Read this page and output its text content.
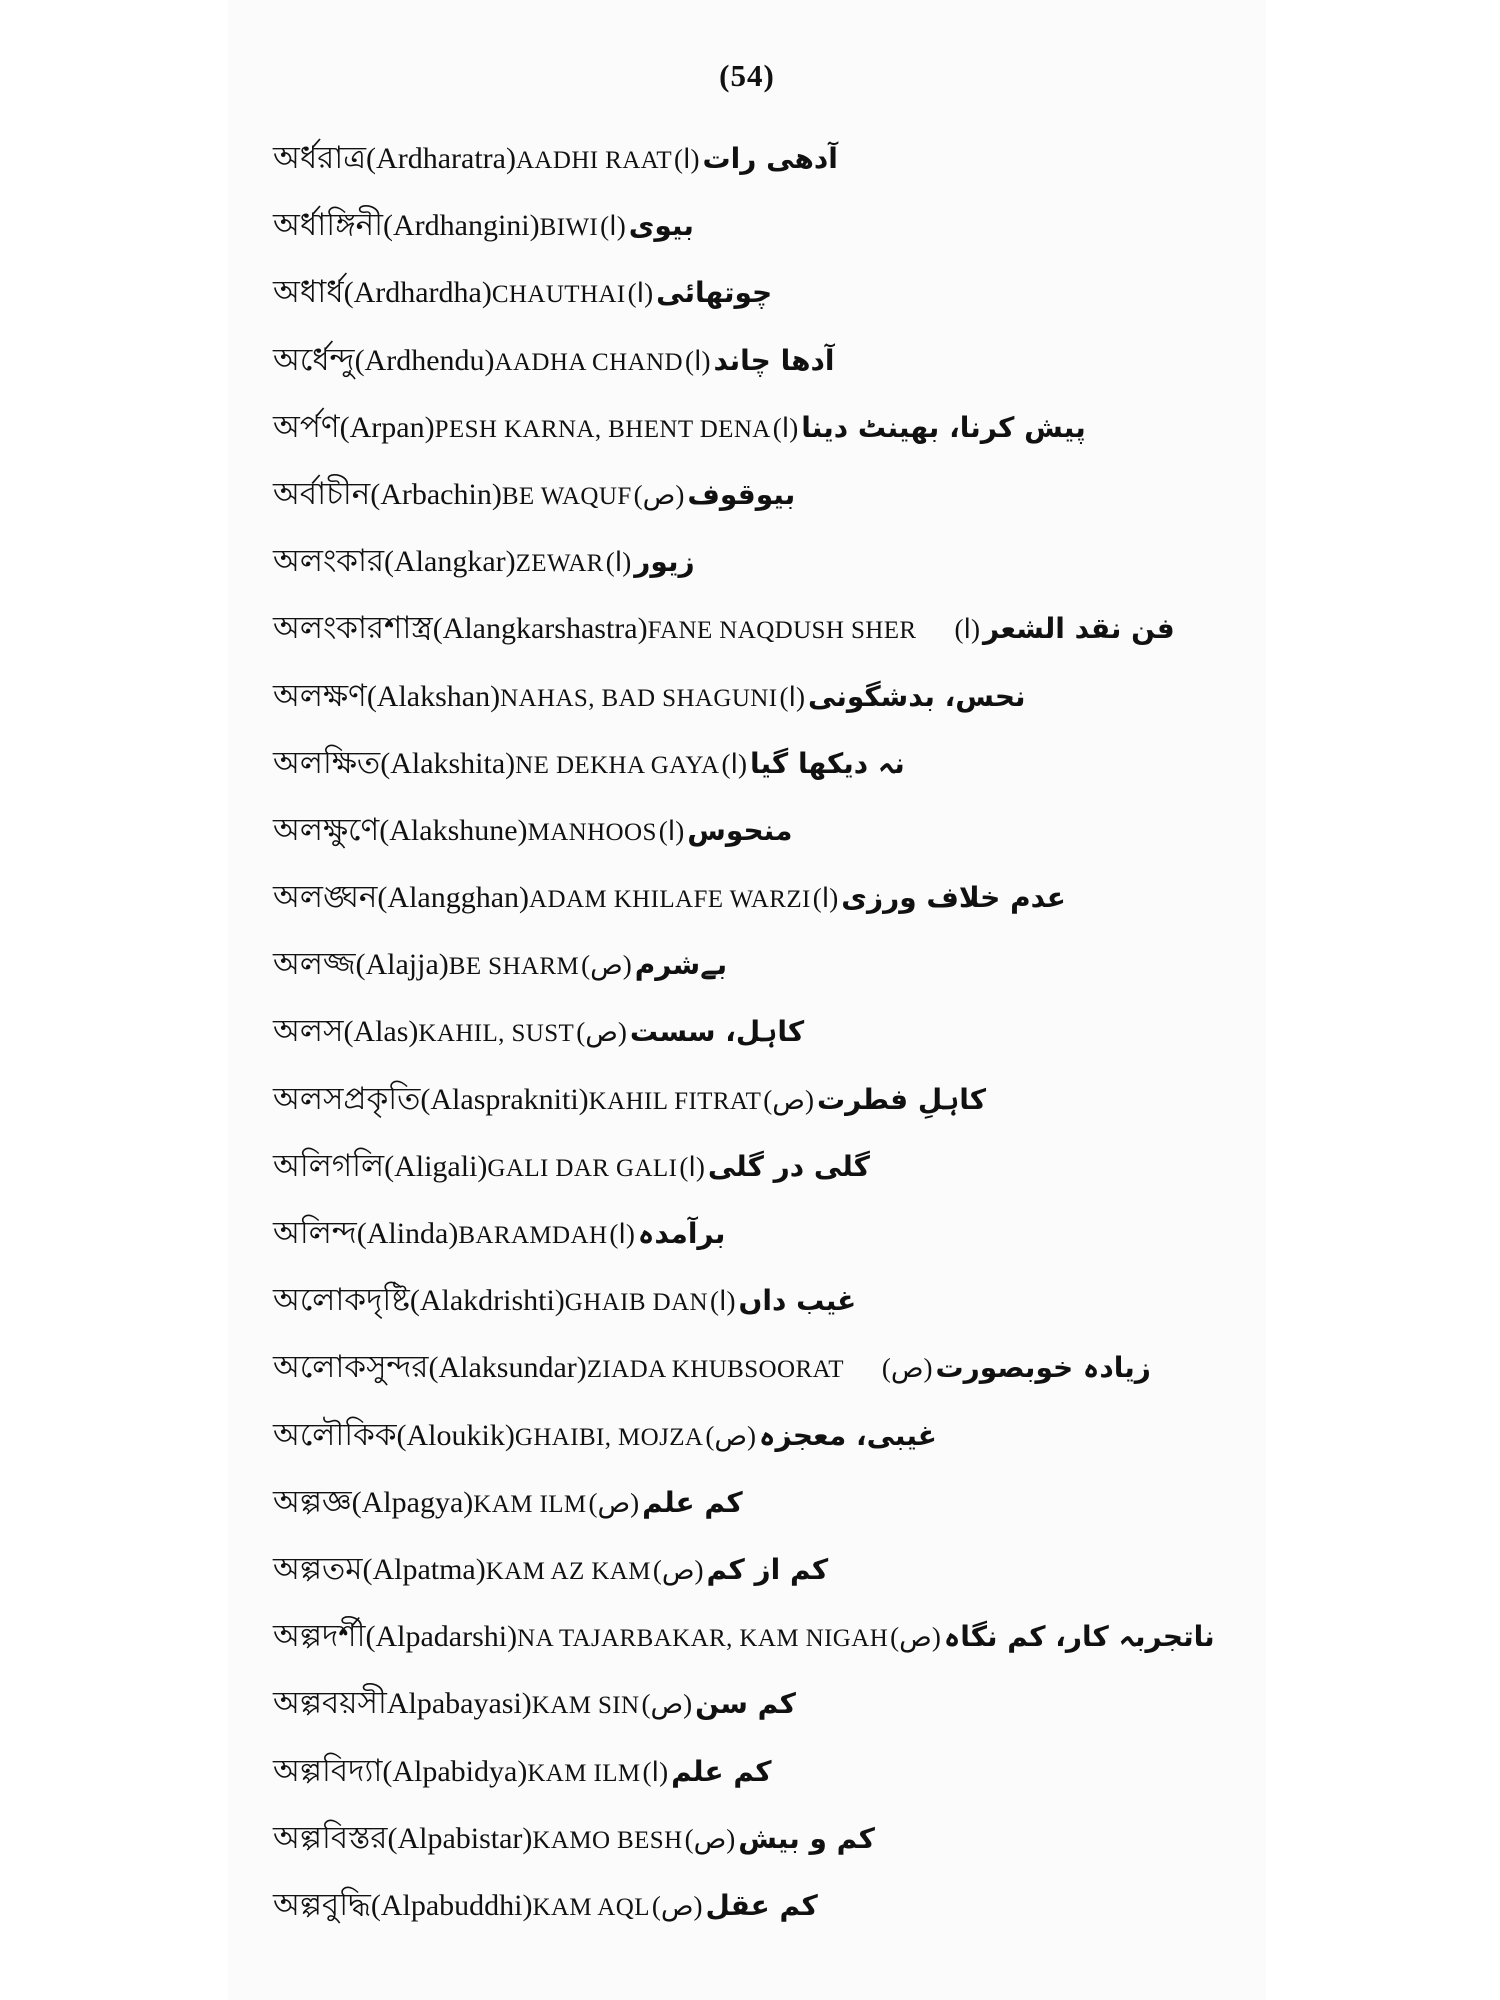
(54)
অর্ধরাত্র (Ardharatra) AADHI RAAT (ا) آدھی رات
অর্ধাঙ্গিনী (Ardhangini) BIWI (ا) بیوی
অধার্ধ (Ardhardha) CHAUTHAI (ا) چوتھائی
অর্ধেন্দু (Ardhendu) AADHA CHAND (ا) آدھا چاند
অর্পণ (Arpan) PESH KARNA, BHENT DENA (ا) پیش کرنا، بھینٹ دینا
অর্বাচীন (Arbachin) BE WAQUF (ص) بیوقوف
অলংকার (Alangkar) ZEWAR (ا) زیور
অলংকারশাস্ত্র (Alangkarshastra) FANE NAQDUSH SHER (ا) فن نقد الشعر
অলক্ষণ (Alakshan) NAHAS, BAD SHAGUNI (ا) نحس، بدشگونی
অলক্ষিত (Alakshita) NE DEKHA GAYA (ا) نہ دیکھا گیا
অলক্ষুণে (Alakshune) MANHOOS (ا) منحوس
অলঙ্ঘন (Alangghan) ADAM KHILAFE WARZI (ا) عدم خلاف ورزی
অলজ্জ (Alajja) BE SHARM (ص) بےشرم
অলস (Alas) KAHIL, SUST (ص) کاہل، سست
অলসপ্রকৃতি (Alasprakniti) KAHIL FITRAT (ص) کاہلِ فطرت
অলিগলি (Aligali) GALI DAR GALI (ا) گلی در گلی
অলিন্দ (Alinda) BARAMDAH (ا) برآمدہ
অলোকদৃষ্টি (Alakdrishti) GHAIB DAN (ا) غیب داں
অলোকসুন্দর (Alaksundar) ZIADA KHUBSOORAT (ص) زیادہ خوبصورت
অলৌকিক (Aloukik) GHAIBI, MOJZA (ص) غیبی، معجزہ
অল্পজ্ঞ (Alpagya) KAM ILM (ص) کم علم
অল্পতম (Alpatma) KAM AZ KAM (ص) کم از کم
অল্পদর্শী (Alpadarshi) NA TAJARBAKAR, KAM NIGAH (ص) ناتجربہ کار، کم نگاہ
অল্পবয়সী Alpabayasi) KAM SIN (ص) کم سن
অল্পবিদ্যা (Alpabidya) KAM ILM (ا) کم علم
অল্পবিস্তর (Alpabistar) KAMO BESH (ص) کم و بیش
অল্পবুদ্ধি (Alpabuddhi) KAM AQL (ص) کم عقل
